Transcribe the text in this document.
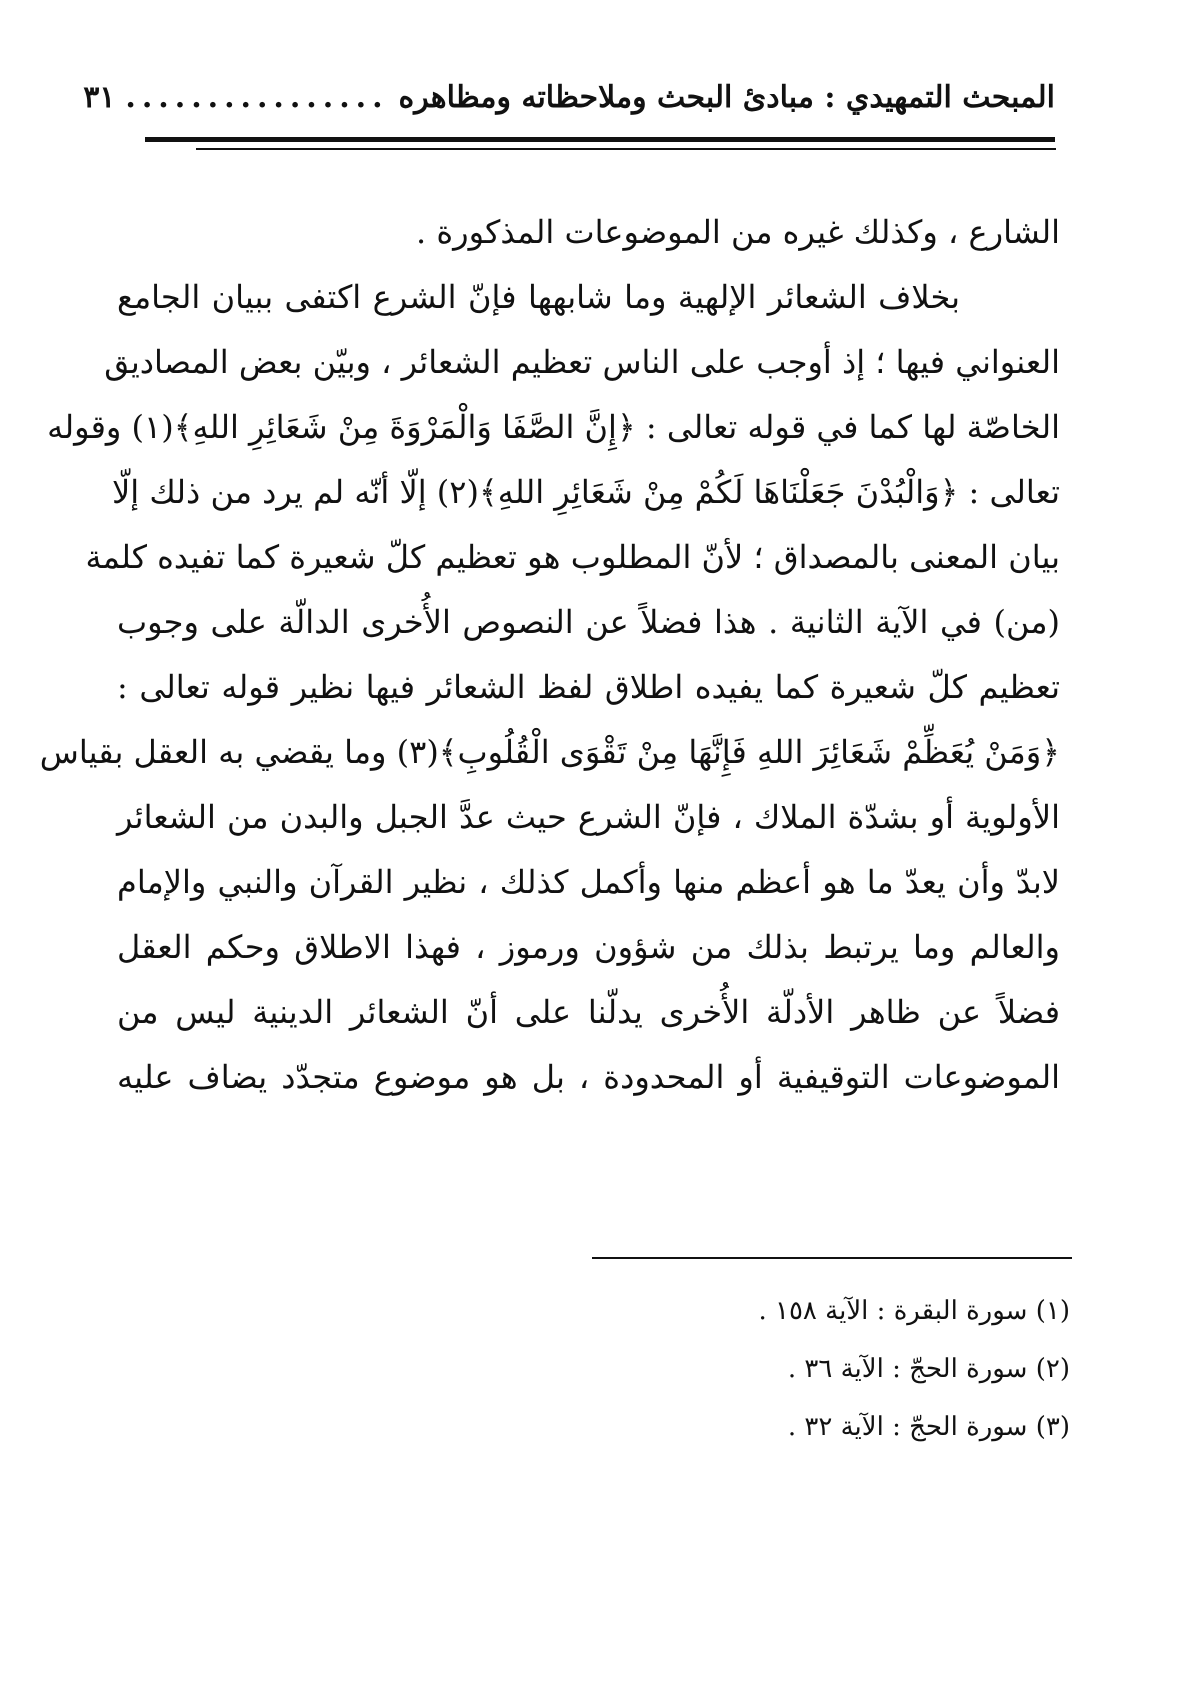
المبحث التمهيدي : مبادئ البحث وملاحظاته ومظاهره
................
٣١
الشارع ، وكذلك غيره من الموضوعات المذكورة .
بخلاف الشعائر الإلهية وما شابهها فإنّ الشرع اكتفى ببيان الجامع
العنواني فيها ؛ إذ أوجب على الناس تعظيم الشعائر ، وبيّن بعض المصاديق
الخاصّة لها كما في قوله تعالى : ﴿إِنَّ الصَّفَا وَالْمَرْوَةَ مِنْ شَعَائِرِ اللهِ﴾(١) وقوله
تعالى : ﴿وَالْبُدْنَ جَعَلْنَاهَا لَكُمْ مِنْ شَعَائِرِ اللهِ﴾(٢) إلّا أنّه لم يرد من ذلك إلّا
بيان المعنى بالمصداق ؛ لأنّ المطلوب هو تعظيم كلّ شعيرة كما تفيده كلمة
(من) في الآية الثانية . هذا فضلاً عن النصوص الأُخرى الدالّة على وجوب
تعظيم كلّ شعيرة كما يفيده اطلاق لفظ الشعائر فيها نظير قوله تعالى :
﴿وَمَنْ يُعَظِّمْ شَعَائِرَ اللهِ فَإِنَّهَا مِنْ تَقْوَى الْقُلُوبِ﴾(٣) وما يقضي به العقل بقياس
الأولوية أو بشدّة الملاك ، فإنّ الشرع حيث عدَّ الجبل والبدن من الشعائر
لابدّ وأن يعدّ ما هو أعظم منها وأكمل كذلك ، نظير القرآن والنبي والإمام
والعالم وما يرتبط بذلك من شؤون ورموز ، فهذا الاطلاق وحكم العقل
فضلاً عن ظاهر الأدلّة الأُخرى يدلّنا على أنّ الشعائر الدينية ليس من
الموضوعات التوقيفية أو المحدودة ، بل هو موضوع متجدّد يضاف عليه
(١) سورة البقرة : الآية ١٥٨ .
(٢) سورة الحجّ : الآية ٣٦ .
(٣) سورة الحجّ : الآية ٣٢ .
